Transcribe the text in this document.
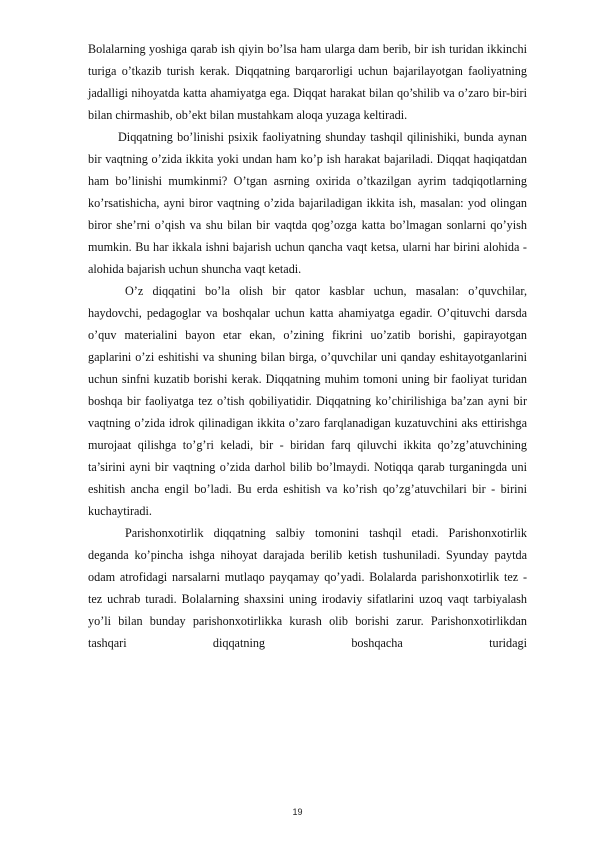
Bolalarning yoshiga qarab ish qiyin bo’lsa ham ularga dam berib, bir ish turidan ikkinchi turiga o’tkazib turish kerak. Diqqatning barqarorligi uchun bajarilayotgan faoliyatning jadalligi nihoyatda katta ahamiyatga ega. Diqqat harakat bilan qo’shilib va o’zaro bir-biri bilan chirmashib, ob’ekt bilan mustahkam aloqa yuzaga keltiradi.

Diqqatning bo’linishi psixik faoliyatning shunday tashqil qilinishiki, bunda aynan bir vaqtning o’zida ikkita yoki undan ham ko’p ish harakat bajariladi. Diqqat haqiqatdan ham bo’linishi mumkinmi? O’tgan asrning oxirida o’tkazilgan ayrim tadqiqotlarning ko’rsatishicha, ayni biror vaqtning o’zida bajariladigan ikkita ish, masalan: yod olingan biror she’rni o’qish va shu bilan bir vaqtda qog’ozga katta bo’lmagan sonlarni qo’yish mumkin. Bu har ikkala ishni bajarish uchun qancha vaqt ketsa, ularni har birini alohida - alohida bajarish uchun shuncha vaqt ketadi.

O’z diqqatini bo’la olish bir qator kasblar uchun, masalan: o’quvchilar, haydovchi, pedagoglar va boshqalar uchun katta ahamiyatga egadir. O’qituvchi darsda o’quv materialini bayon etar ekan, o’zining fikrini uo’zatib borishi, gapirayotgan gaplarini o’zi eshitishi va shuning bilan birga, o’quvchilar uni qanday eshitayotganlarini uchun sinfni kuzatib borishi kerak. Diqqatning muhim tomoni uning bir faoliyat turidan boshqa bir faoliyatga tez o’tish qobiliyatidir. Diqqatning ko’chirilishiga ba’zan ayni bir vaqtning o’zida idrok qilinadigan ikkita o’zaro farqlanadigan kuzatuvchini aks ettirishga murojaat qilishga to’g’ri keladi, bir - biridan farq qiluvchi ikkita qo’zg’atuvchining ta’sirini ayni bir vaqtning o’zida darhol bilib bo’lmaydi. Notiqqa qarab turganingda uni eshitish ancha engil bo’ladi. Bu erda eshitish va ko’rish qo’zg’atuvchilari bir - birini kuchaytiradi.

Parishonxotirlik diqqatning salbiy tomonini tashqil etadi. Parishonxotirlik deganda ko’pincha ishga nihoyat darajada berilib ketish tushuniladi. Syunday paytda odam atrofidagi narsalarni mutlaqo payqamay qo’yadi. Bolalarda parishonxotirlik tez - tez uchrab turadi. Bolalarning shaxsini uning irodaviy sifatlarini uzoq vaqt tarbiyalash yo’li bilan bunday parishonxotirlikka kurash olib borishi zarur. Parishonxotirlikdan tashqari diqqatning boshqacha turidagi

19
